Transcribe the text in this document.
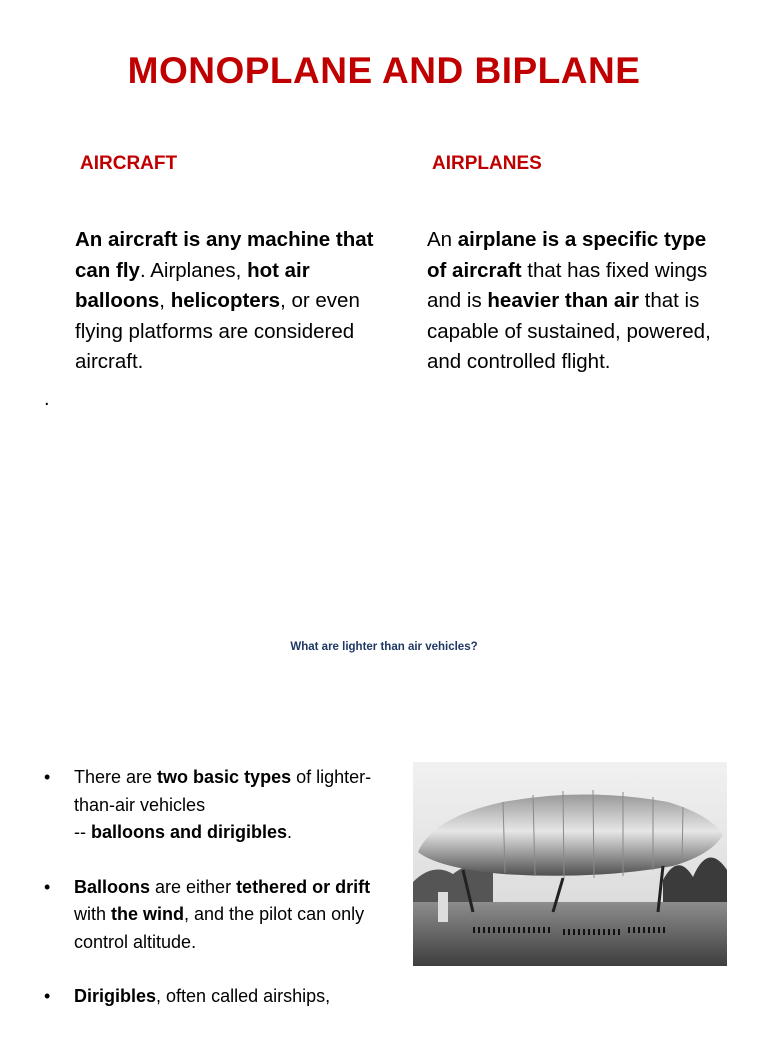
MONOPLANE AND BIPLANE
AIRCRAFT	AIRPLANES
An aircraft is any machine that can fly. Airplanes, hot air balloons, helicopters, or even flying platforms are considered aircraft.
An airplane is a specific type of aircraft that has fixed wings and is heavier than air that is capable of sustained, powered, and controlled flight.
.
What are lighter than air vehicles?
• There are two basic types of lighter-than-air vehicles
-- balloons and dirigibles.
• Balloons are either tethered or drift with the wind, and the pilot can only control altitude.
• Dirigibles, often called airships,
